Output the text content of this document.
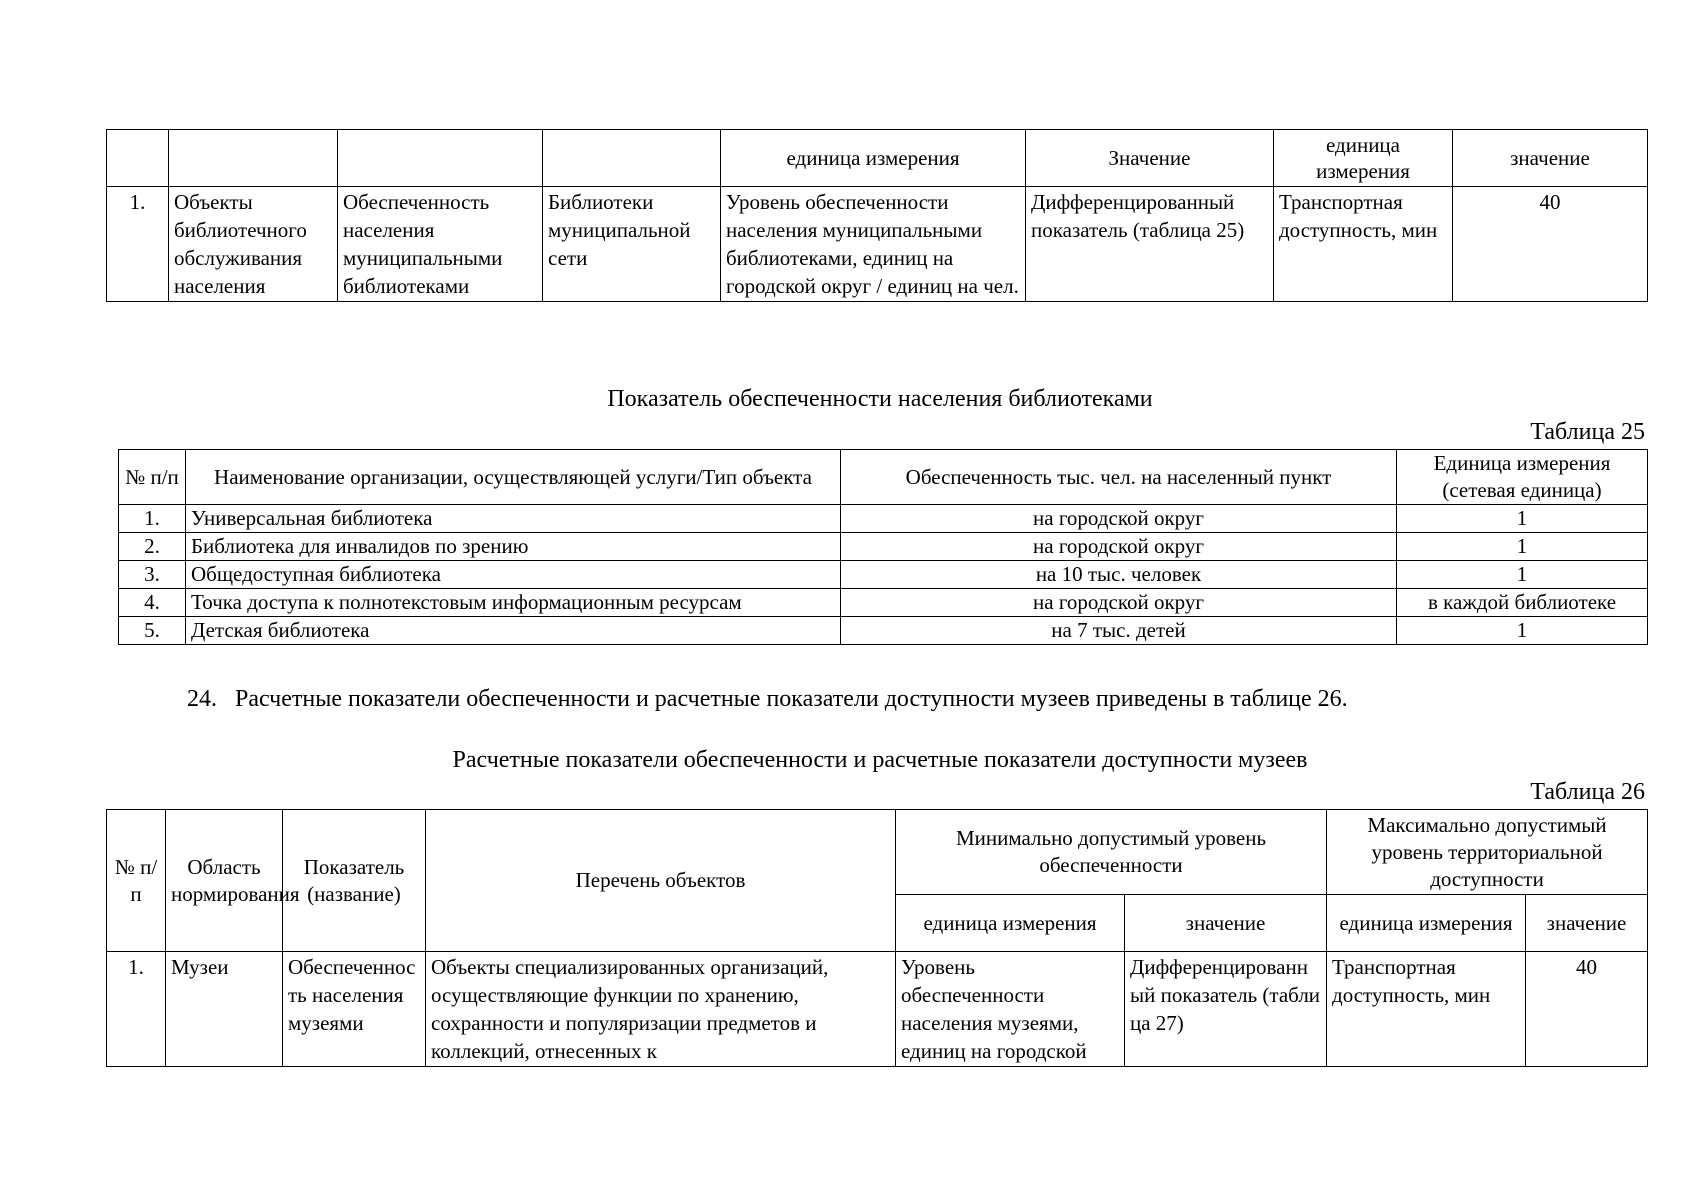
				единица измерения	Значение	единица измерения	значение
1.	Объекты библиотечного обслуживания населения	Обеспеченность населения муниципальными библиотеками	Библиотеки муниципальной сети	Уровень обеспеченности населения муниципальными библиотеками, единиц на городской округ / единиц на чел.	Дифференцированный показатель (таблица 25)	Транспортная доступность, мин	40
Показатель обеспеченности населения библиотеками
Таблица 25
№ п/п	Наименование организации, осуществляющей услуги/Тип объекта	Обеспеченность тыс. чел. на населенный пункт	Единица измерения (сетевая единица)
1.	Универсальная библиотека	на городской округ	1
2.	Библиотека для инвалидов по зрению	на городской округ	1
3.	Общедоступная библиотека	на 10 тыс. человек	1
4.	Точка доступа к полнотекстовым информационным ресурсам	на городской округ	в каждой библиотеке
5.	Детская библиотека	на 7 тыс. детей	1
24.   Расчетные показатели обеспеченности и расчетные показатели доступности музеев приведены в таблице 26.
Расчетные показатели обеспеченности и расчетные показатели доступности музеев
Таблица 26
№ п/п	Область нормирования	Показатель (название)	Перечень объектов	Минимально допустимый уровень обеспеченности		Максимально допустимый уровень территориальной доступности	
				единица измерения	значение	единица измерения	значение
1.	Музеи	Обеспеченность населения музеями	Объекты специализированных организаций, осуществляющие функции по хранению, сохранности и популяризации предметов и коллекций, отнесенных к	Уровень обеспеченности населения музеями, единиц на городской	Дифференцированный показатель (таблица 27)	Транспортная доступность, мин	40
